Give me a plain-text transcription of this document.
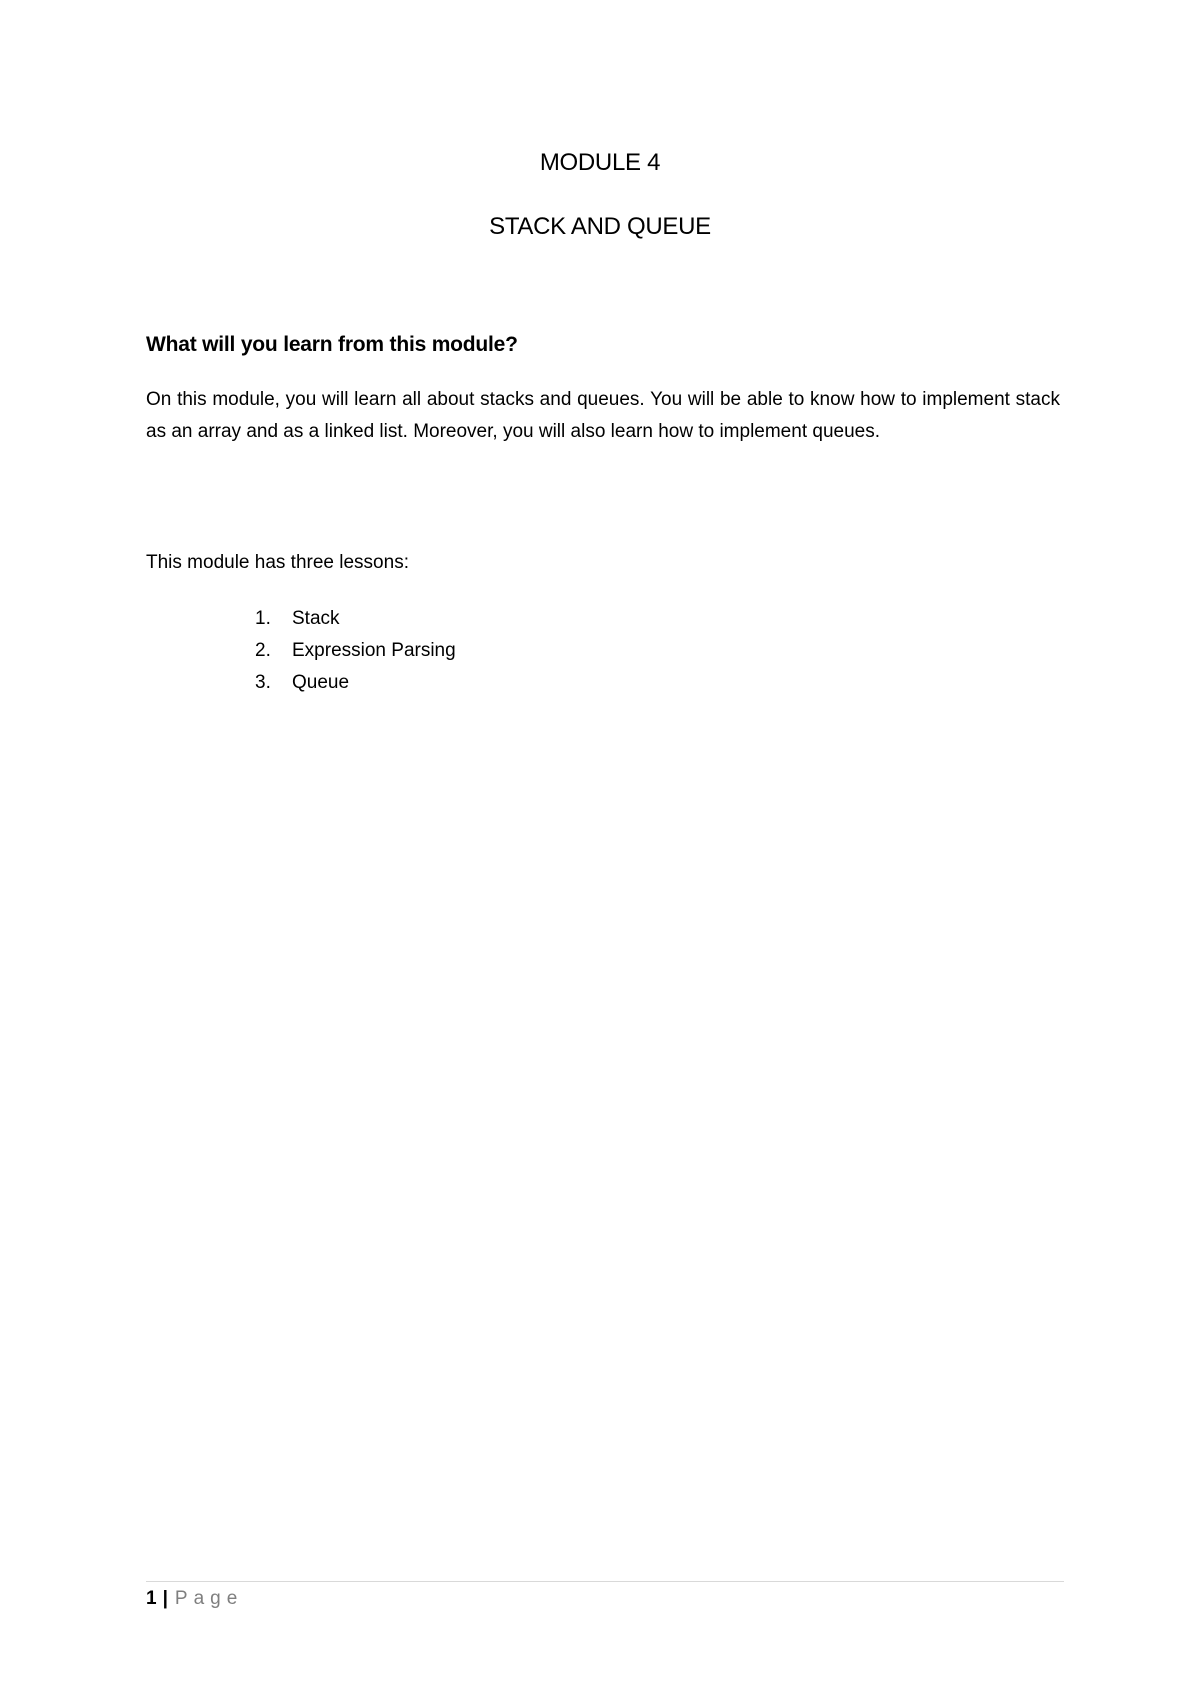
MODULE 4
STACK AND QUEUE
What will you learn from this module?

On this module, you will learn all about stacks and queues. You will be able to know how to implement stack as an array and as a linked list. Moreover, you will also learn how to implement queues.

This module has three lessons:
1.	Stack
2.	Expression Parsing
3.	Queue
1 | Page
